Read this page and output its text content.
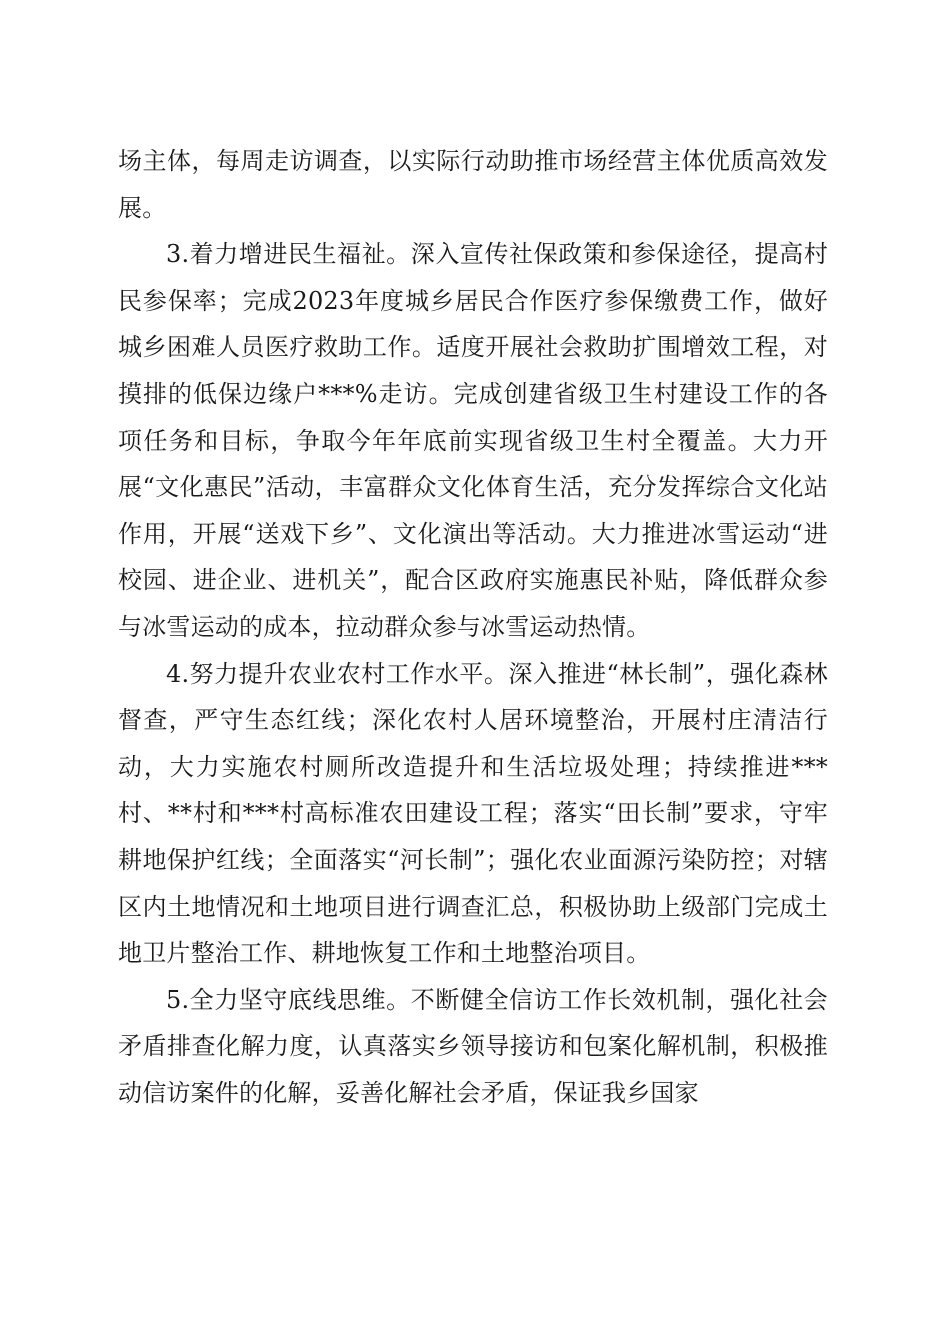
场主体，每周走访调查，以实际行动助推市场经营主体优质高效发展。

3.着力增进民生福祉。深入宣传社保政策和参保途径，提高村民参保率；完成2023年度城乡居民合作医疗参保缴费工作，做好城乡困难人员医疗救助工作。适度开展社会救助扩围增效工程，对摸排的低保边缘户***%走访。完成创建省级卫生村建设工作的各项任务和目标，争取今年年底前实现省级卫生村全覆盖。大力开展“文化惠民”活动，丰富群众文化体育生活，充分发挥综合文化站作用，开展“送戏下乡”、文化演出等活动。大力推进冰雪运动“进校园、进企业、进机关”，配合区政府实施惠民补贴，降低群众参与冰雪运动的成本，拉动群众参与冰雪运动热情。

4.努力提升农业农村工作水平。深入推进“林长制”，强化森林督查，严守生态红线；深化农村人居环境整治，开展村庄清洁行动，大力实施农村厕所改造提升和生活垃圾处理；持续推进***村、**村和***村高标准农田建设工程；落实“田长制”要求，守牢耕地保护红线；全面落实“河长制”；强化农业面源污染防控；对辖区内土地情况和土地项目进行调查汇总，积极协助上级部门完成土地卫片整治工作、耕地恢复工作和土地整治项目。

5.全力坚守底线思维。不断健全信访工作长效机制，强化社会矛盾排查化解力度，认真落实乡领导接访和包案化解机制，积极推动信访案件的化解，妥善化解社会矛盾，保证我乡国家
